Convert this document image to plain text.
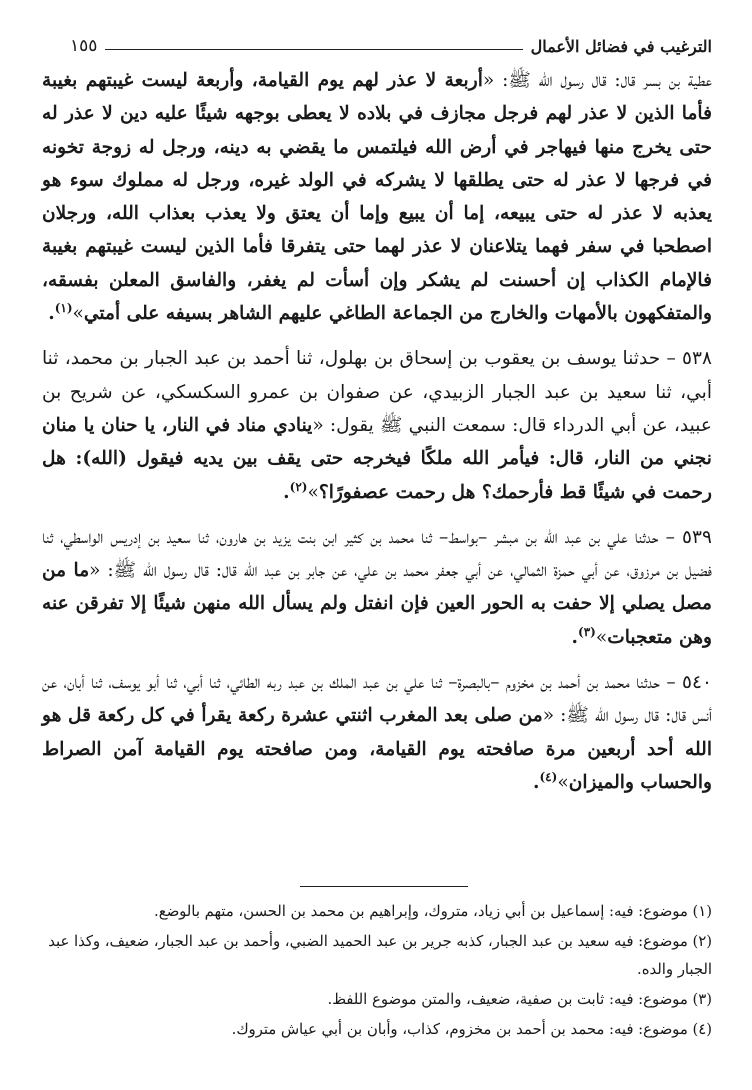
الترغيب في فضائل الأعمال
١٥٥

عطية بن بسر قال: قال رسول الله ﷺ: «أربعة لا عذر لهم يوم القيامة، وأربعة ليست غيبتهم بغيبة فأما الذين لا عذر لهم فرجل مجازف في بلاده لا يعطى بوجهه شيئًا عليه دين لا عذر له حتى يخرج منها فيهاجر في أرض الله فيلتمس ما يقضي به دينه، ورجل له زوجة تخونه في فرجها لا عذر له حتى يطلقها لا يشركه في الولد غيره، ورجل له مملوك سوء هو يعذبه لا عذر له حتى يبيعه، إما أن يبيع وإما أن يعتق ولا يعذب بعذاب الله، ورجلان اصطحبا في سفر فهما يتلاعنان لا عذر لهما حتى يتفرقا فأما الذين ليست غيبتهم بغيبة فالإمام الكذاب إن أحسنت لم يشكر وإن أسأت لم يغفر، والفاسق المعلن بفسقه، والمتفكهون بالأمهات والخارج من الجماعة الطاغي عليهم الشاهر بسيفه على أمتي»$^{(١)}$.

٥٣٨ – حدثنا يوسف بن يعقوب بن إسحاق بن بهلول، ثنا أحمد بن عبد الجبار بن محمد، ثنا أبي، ثنا سعيد بن عبد الجبار الزبيدي، عن صفوان بن عمرو السكسكي، عن شريح بن عبيد، عن أبي الدرداء قال: سمعت النبي ﷺ يقول: «ينادي مناد في النار، يا حنان يا منان نجني من النار، قال: فيأمر الله ملكًا فيخرجه حتى يقف بين يديه فيقول (الله): هل رحمت في شيئًا قط فأرحمك؟ هل رحمت عصفورًا؟»$^{(٢)}$.

٥٣٩ – حدثنا علي بن عبد الله بن مبشر –بواسط– ثنا محمد بن كثير ابن بنت يزيد بن هارون، ثنا سعيد بن إدريس الواسطي، ثنا فضيل بن مرزوق، عن أبي حمزة الثمالي، عن أبي جعفر محمد بن علي، عن جابر بن عبد الله قال: قال رسول الله ﷺ: «ما من مصل يصلي إلا حفت به الحور العين فإن انفتل ولم يسأل الله منهن شيئًا إلا تفرقن عنه وهن متعجبات»$^{(٣)}$.

٥٤٠ – حدثنا محمد بن أحمد بن مخزوم –بالبصرة– ثنا علي بن عبد الملك بن عبد ربه الطائي، ثنا أبي، ثنا أبو يوسف، ثنا أبان، عن أنس قال: قال رسول الله ﷺ: «من صلى بعد المغرب اثنتي عشرة ركعة يقرأ في كل ركعة قل هو الله أحد أربعين مرة صافحته يوم القيامة، ومن صافحته يوم القيامة آمن الصراط والحساب والميزان»$^{(٤)}$.

(١) موضوع: فيه: إسماعيل بن أبي زياد، متروك، وإبراهيم بن محمد بن الحسن، متهم بالوضع.

(٢) موضوع: فيه سعيد بن عبد الجبار، كذبه جرير بن عبد الحميد الضبي، وأحمد بن عبد الجبار، ضعيف، وكذا عبد الجبار والده.

(٣) موضوع: فيه: ثابت بن صفية، ضعيف، والمتن موضوع اللفظ.

(٤) موضوع: فيه: محمد بن أحمد بن مخزوم، كذاب، وأبان بن أبي عياش متروك.
